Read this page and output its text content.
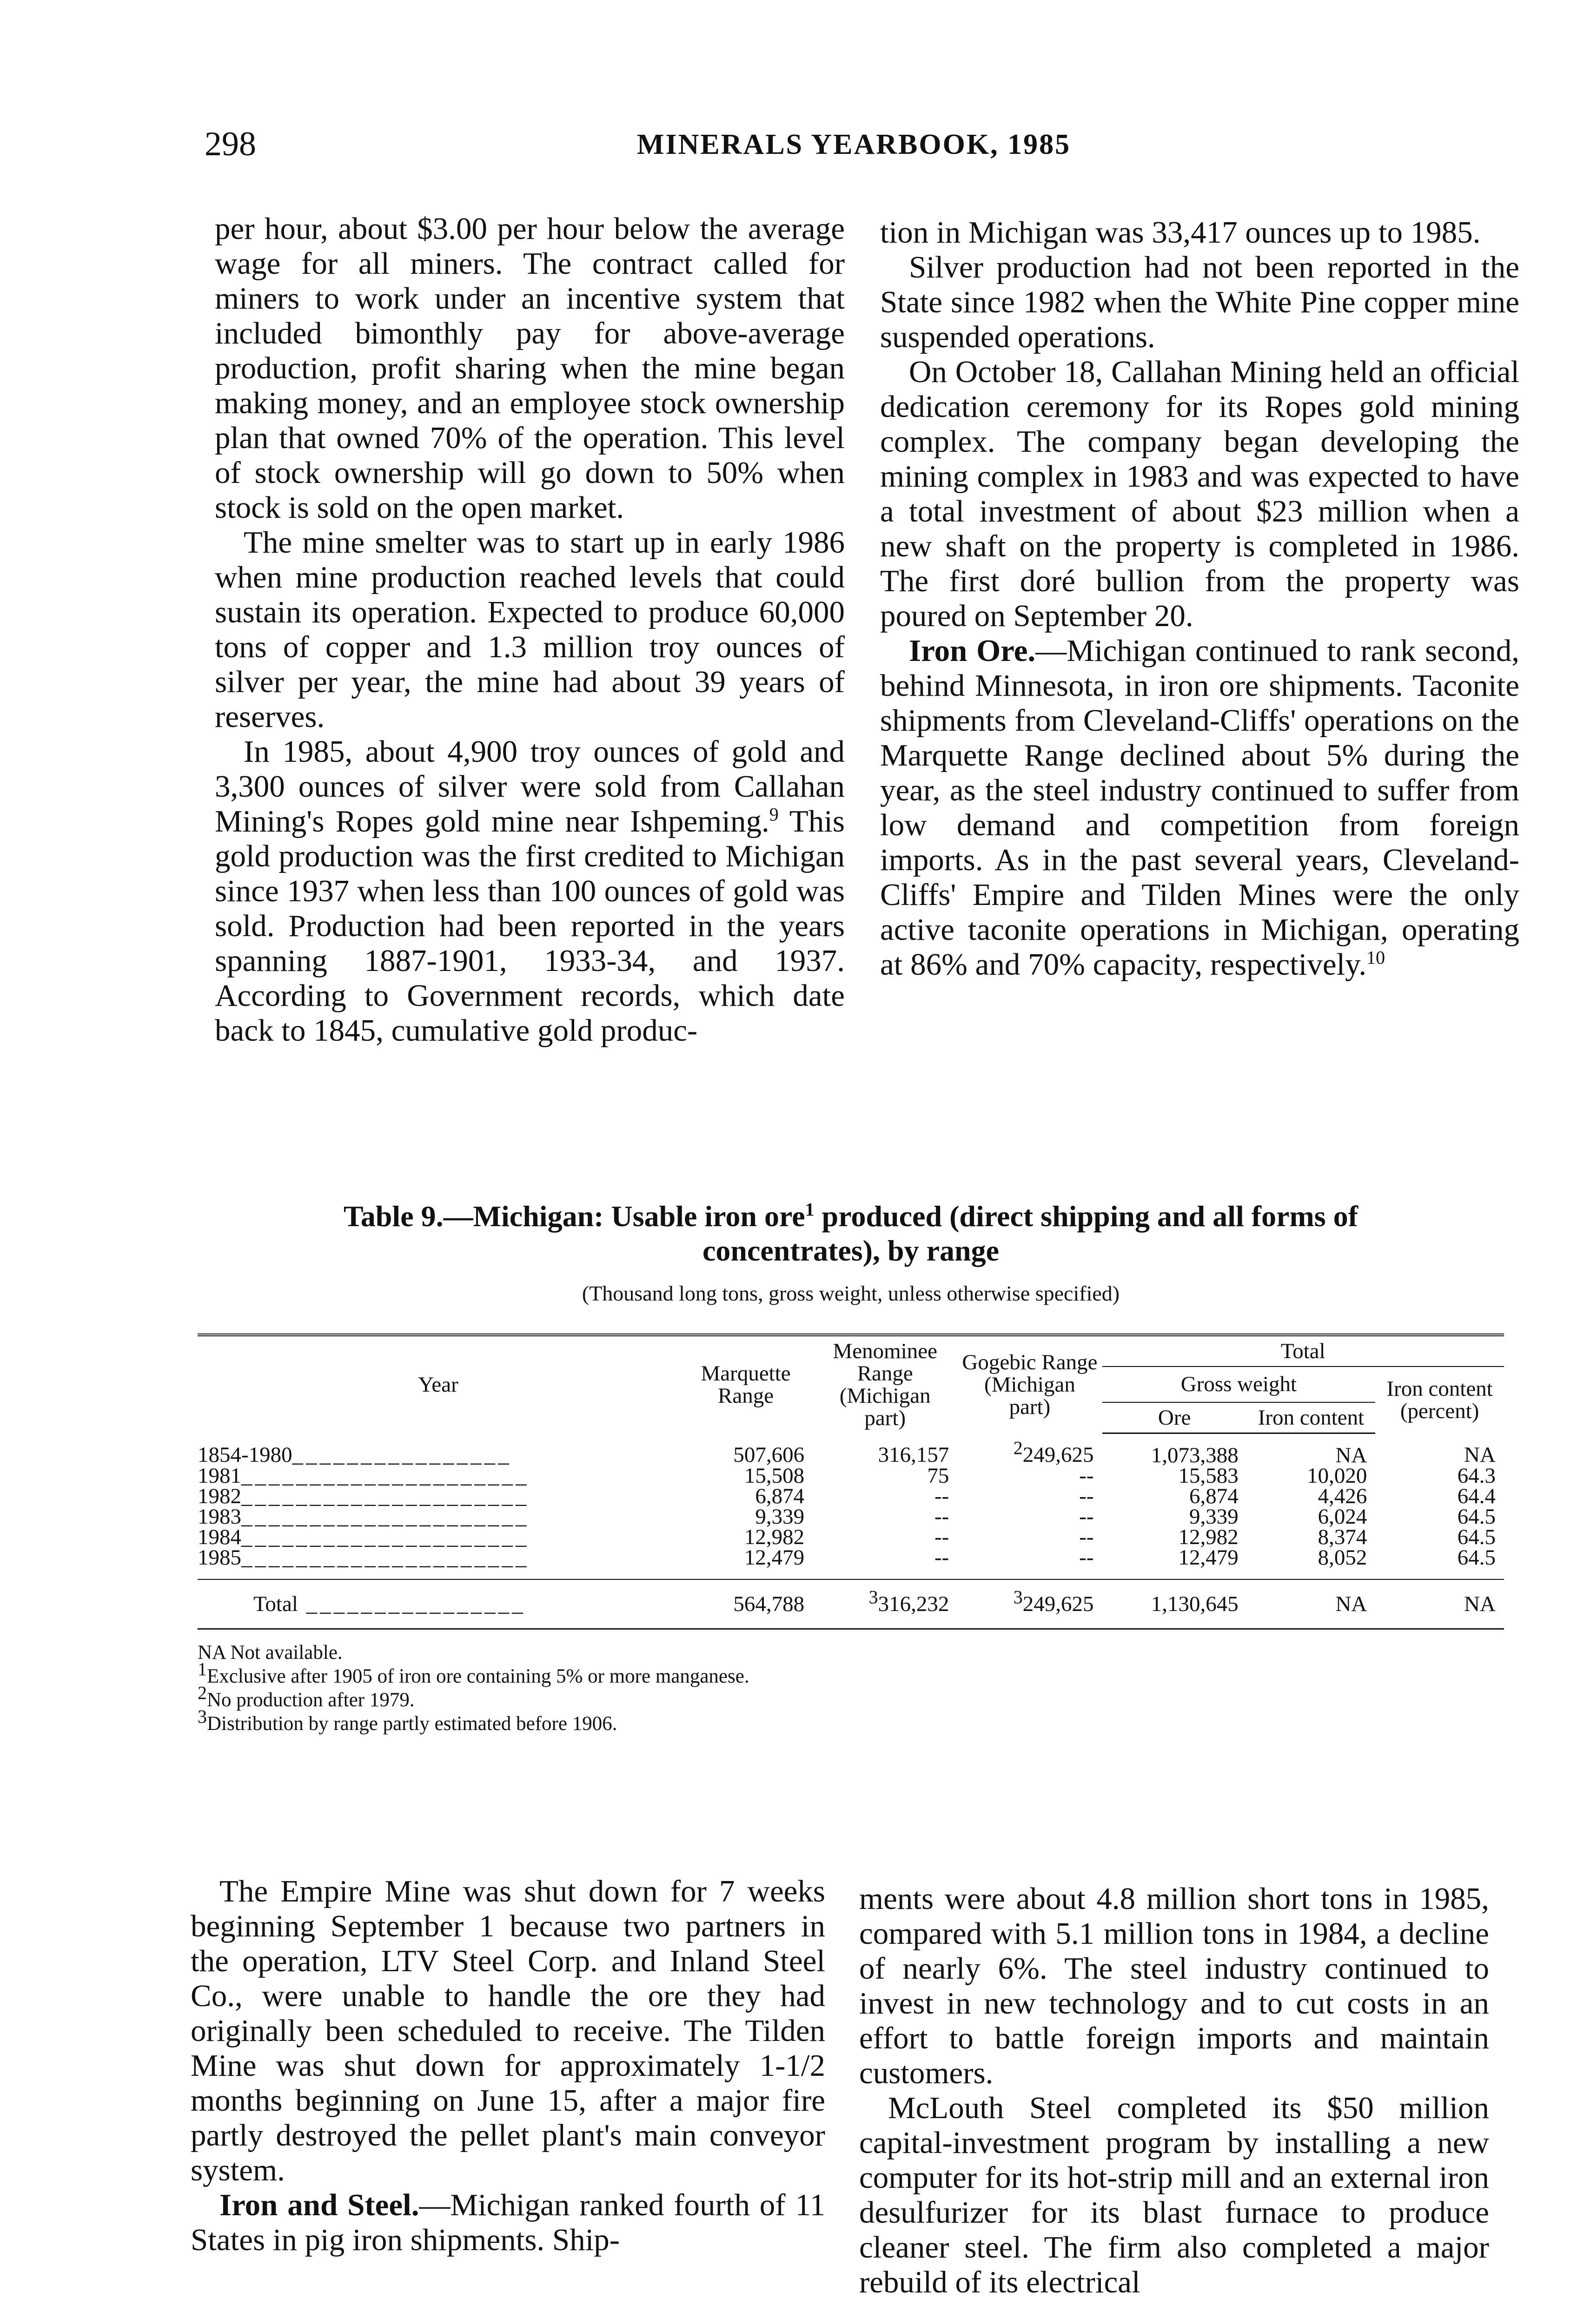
298	MINERALS YEARBOOK, 1985

per hour, about $3.00 per hour below the average wage for all miners. The contract called for miners to work under an incentive system that included bimonthly pay for above-average production, profit sharing when the mine began making money, and an employee stock ownership plan that owned 70% of the operation. This level of stock ownership will go down to 50% when stock is sold on the open market.

The mine smelter was to start up in early 1986 when mine production reached levels that could sustain its operation. Expected to produce 60,000 tons of copper and 1.3 million troy ounces of silver per year, the mine had about 39 years of reserves.

In 1985, about 4,900 troy ounces of gold and 3,300 ounces of silver were sold from Callahan Mining's Ropes gold mine near Ishpeming.$^9$ This gold production was the first credited to Michigan since 1937 when less than 100 ounces of gold was sold. Production had been reported in the years spanning 1887-1901, 1933-34, and 1937. According to Government records, which date back to 1845, cumulative gold produc-

tion in Michigan was 33,417 ounces up to 1985.

Silver production had not been reported in the State since 1982 when the White Pine copper mine suspended operations.

On October 18, Callahan Mining held an official dedication ceremony for its Ropes gold mining complex. The company began developing the mining complex in 1983 and was expected to have a total investment of about $23 million when a new shaft on the property is completed in 1986. The first doré bullion from the property was poured on September 20.

Iron Ore.—Michigan continued to rank second, behind Minnesota, in iron ore shipments. Taconite shipments from Cleveland-Cliffs' operations on the Marquette Range declined about 5% during the year, as the steel industry continued to suffer from low demand and competition from foreign imports. As in the past several years, Cleveland-Cliffs' Empire and Tilden Mines were the only active taconite operations in Michigan, operating at 86% and 70% capacity, respectively.$^{10}$

Table 9.—Michigan: Usable iron ore$^1$ produced (direct shipping and all forms of concentrates), by range
(Thousand long tons, gross weight, unless otherwise specified)
Year	Marquette Range	Menominee Range (Michigan part)	Gogebic Range (Michigan part)	Total		
				Gross weight		Iron content (percent)
				Ore	Iron content	
1854-1980________________	507,606	316,157	2249,625	1,073,388	NA	NA
1981_____________________	15,508	75	--	15,583	10,020	64.3
1982_____________________	6,874	--	--	6,874	4,426	64.4
1983_____________________	9,339	--	--	9,339	6,024	64.5
1984_____________________	12,982	--	--	12,982	8,374	64.5
1985_____________________	12,479	--	--	12,479	8,052	64.5
Total ________________	564,788	3316,232	3249,625	1,130,645	NA	NA
NA Not available.
1Exclusive after 1905 of iron ore containing 5% or more manganese.
2No production after 1979.
3Distribution by range partly estimated before 1906.

The Empire Mine was shut down for 7 weeks beginning September 1 because two partners in the operation, LTV Steel Corp. and Inland Steel Co., were unable to handle the ore they had originally been scheduled to receive. The Tilden Mine was shut down for approximately 1-1/2 months beginning on June 15, after a major fire partly destroyed the pellet plant's main conveyor system.

Iron and Steel.—Michigan ranked fourth of 11 States in pig iron shipments. Ship-

ments were about 4.8 million short tons in 1985, compared with 5.1 million tons in 1984, a decline of nearly 6%. The steel industry continued to invest in new technology and to cut costs in an effort to battle foreign imports and maintain customers.

McLouth Steel completed its $50 million capital-investment program by installing a new computer for its hot-strip mill and an external iron desulfurizer for its blast furnace to produce cleaner steel. The firm also completed a major rebuild of its electrical
